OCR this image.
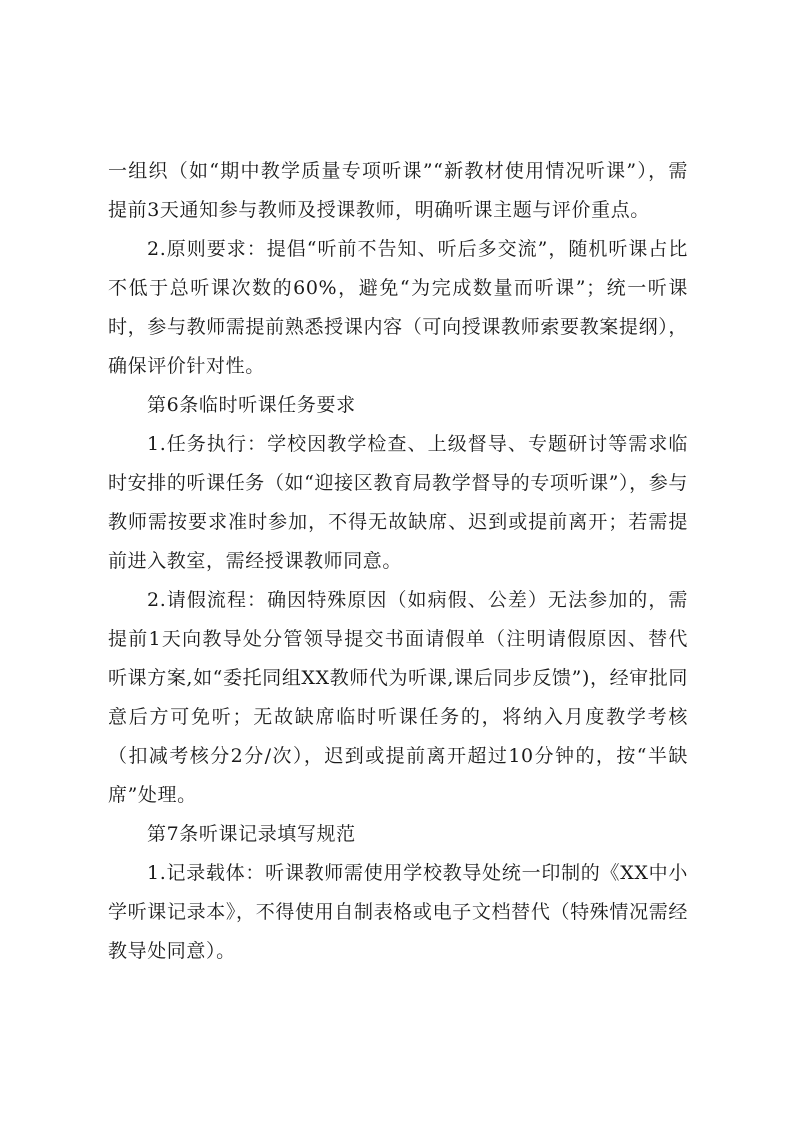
一组织（如“期中教学质量专项听课”“新教材使用情况听课”），需提前3天通知参与教师及授课教师，明确听课主题与评价重点。

2.原则要求：提倡“听前不告知、听后多交流”，随机听课占比不低于总听课次数的60%，避免“为完成数量而听课”；统一听课时，参与教师需提前熟悉授课内容（可向授课教师索要教案提纲），确保评价针对性。

第6条临时听课任务要求

1.任务执行：学校因教学检查、上级督导、专题研讨等需求临时安排的听课任务（如“迎接区教育局教学督导的专项听课”），参与教师需按要求准时参加，不得无故缺席、迟到或提前离开；若需提前进入教室，需经授课教师同意。

2.请假流程：确因特殊原因（如病假、公差）无法参加的，需提前1天向教导处分管领导提交书面请假单（注明请假原因、替代听课方案,如“委托同组XX教师代为听课,课后同步反馈”)，经审批同意后方可免听；无故缺席临时听课任务的，将纳入月度教学考核（扣减考核分2分/次），迟到或提前离开超过10分钟的，按“半缺席”处理。

第7条听课记录填写规范

1.记录载体：听课教师需使用学校教导处统一印制的《XX中小学听课记录本》，不得使用自制表格或电子文档替代（特殊情况需经教导处同意）。
